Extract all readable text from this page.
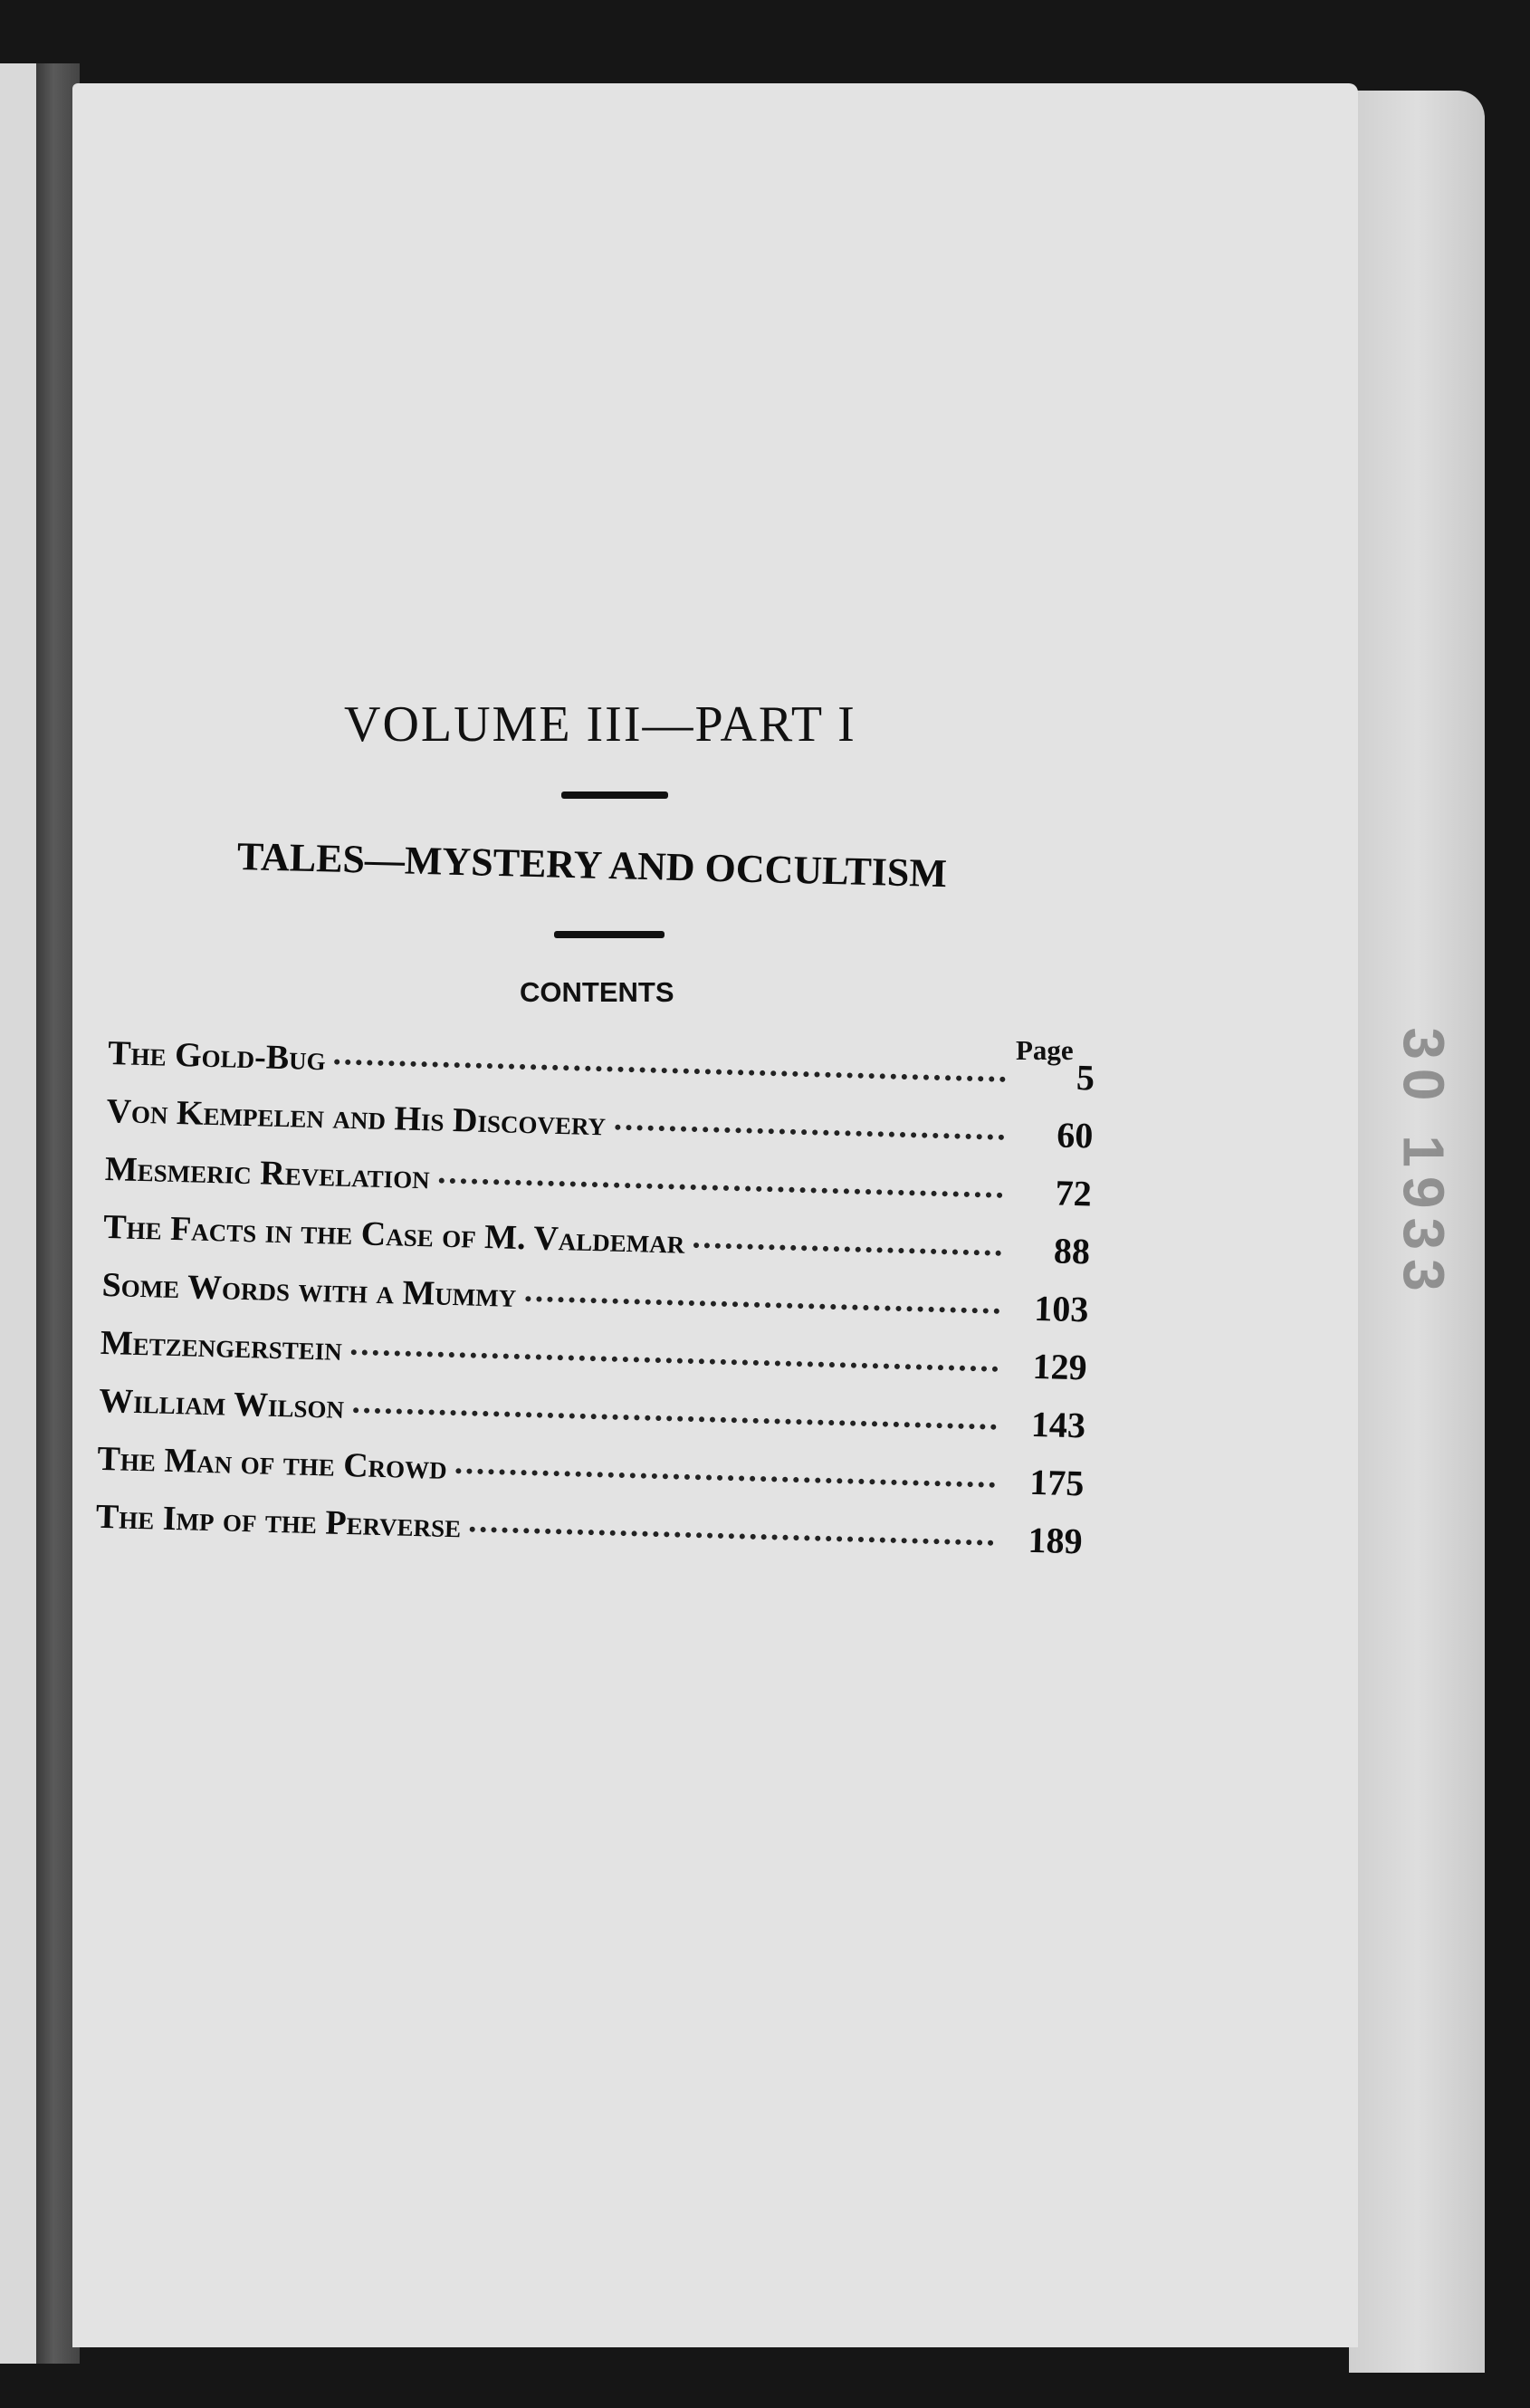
30 1933
VOLUME III—PART I
TALES—MYSTERY AND OCCULTISM
CONTENTS
Page
The Gold-Bug	5
Von Kempelen and His Discovery	60
Mesmeric Revelation	72
The Facts in the Case of M. Valdemar	88
Some Words with a Mummy	103
Metzengerstein	129
William Wilson	143
The Man of the Crowd	175
The Imp of the Perverse	189
